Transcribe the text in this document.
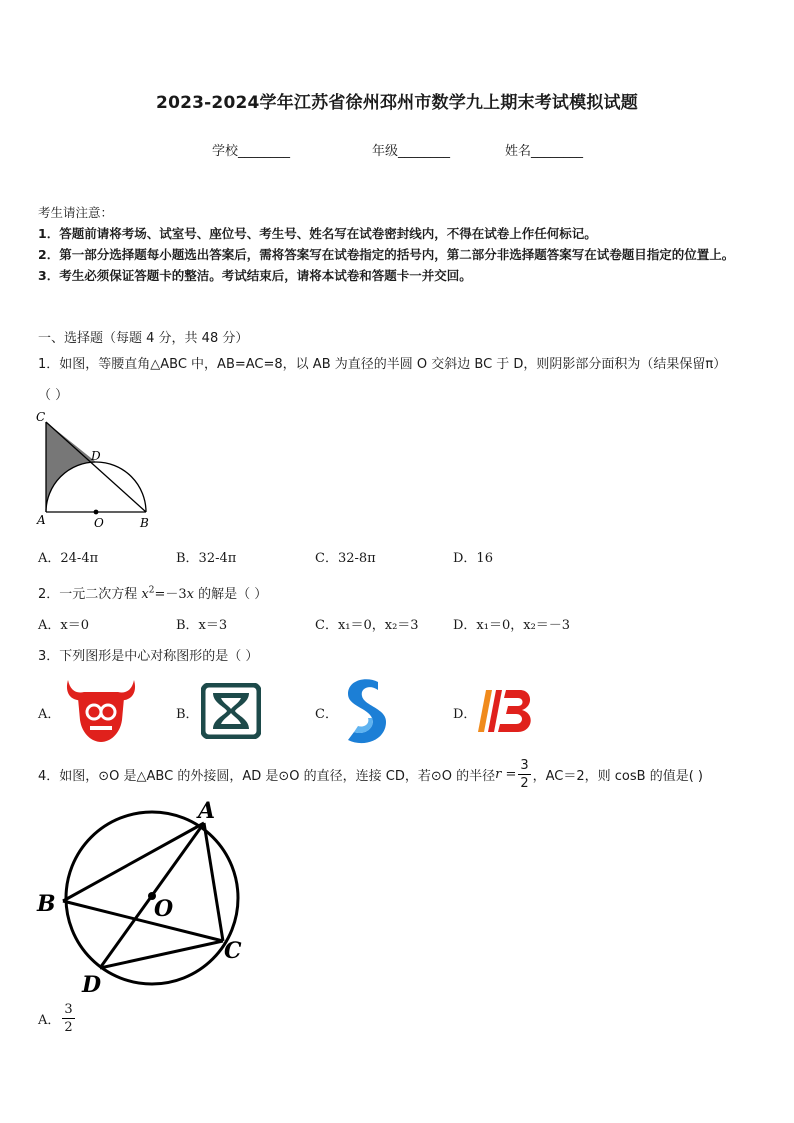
2023-2024学年江苏省徐州邳州市数学九上期末考试模拟试题
学校________	年级________	姓名________
考生请注意：
1．答题前请将考场、试室号、座位号、考生号、姓名写在试卷密封线内，不得在试卷上作任何标记。
2．第一部分选择题每小题选出答案后，需将答案写在试卷指定的括号内，第二部分非选择题答案写在试卷题目指定的位置上。
3．考生必须保证答题卡的整洁。考试结束后，请将本试卷和答题卡一并交回。
一、选择题（每题 4 分，共 48 分）
1．如图，等腰直角△ABC 中，AB=AC=8，以 AB 为直径的半圆 O 交斜边 BC 于 D，则阴影部分面积为（结果保留π）
（ ）
C
D
A	O	B
A．24-4π	B．32-4π	C．32-8π	D．16
2．一元二次方程 $x^2=-3x$ 的解是（ ）
A．x＝0	B．x＝3	C．x₁＝0，x₂＝3	D．x₁＝0，x₂＝－3
3．下列图形是中心对称图形的是（ ）
A．	B．	C．	D．
4．如图，⊙O 是△ABC 的外接圆，AD 是⊙O 的直径，连接 CD，若⊙O 的半径 $r = \frac{3}{2}$ ，AC＝2，则 cosB 的值是( )
A
B	O
C
D
A． $\frac{3}{2}$
